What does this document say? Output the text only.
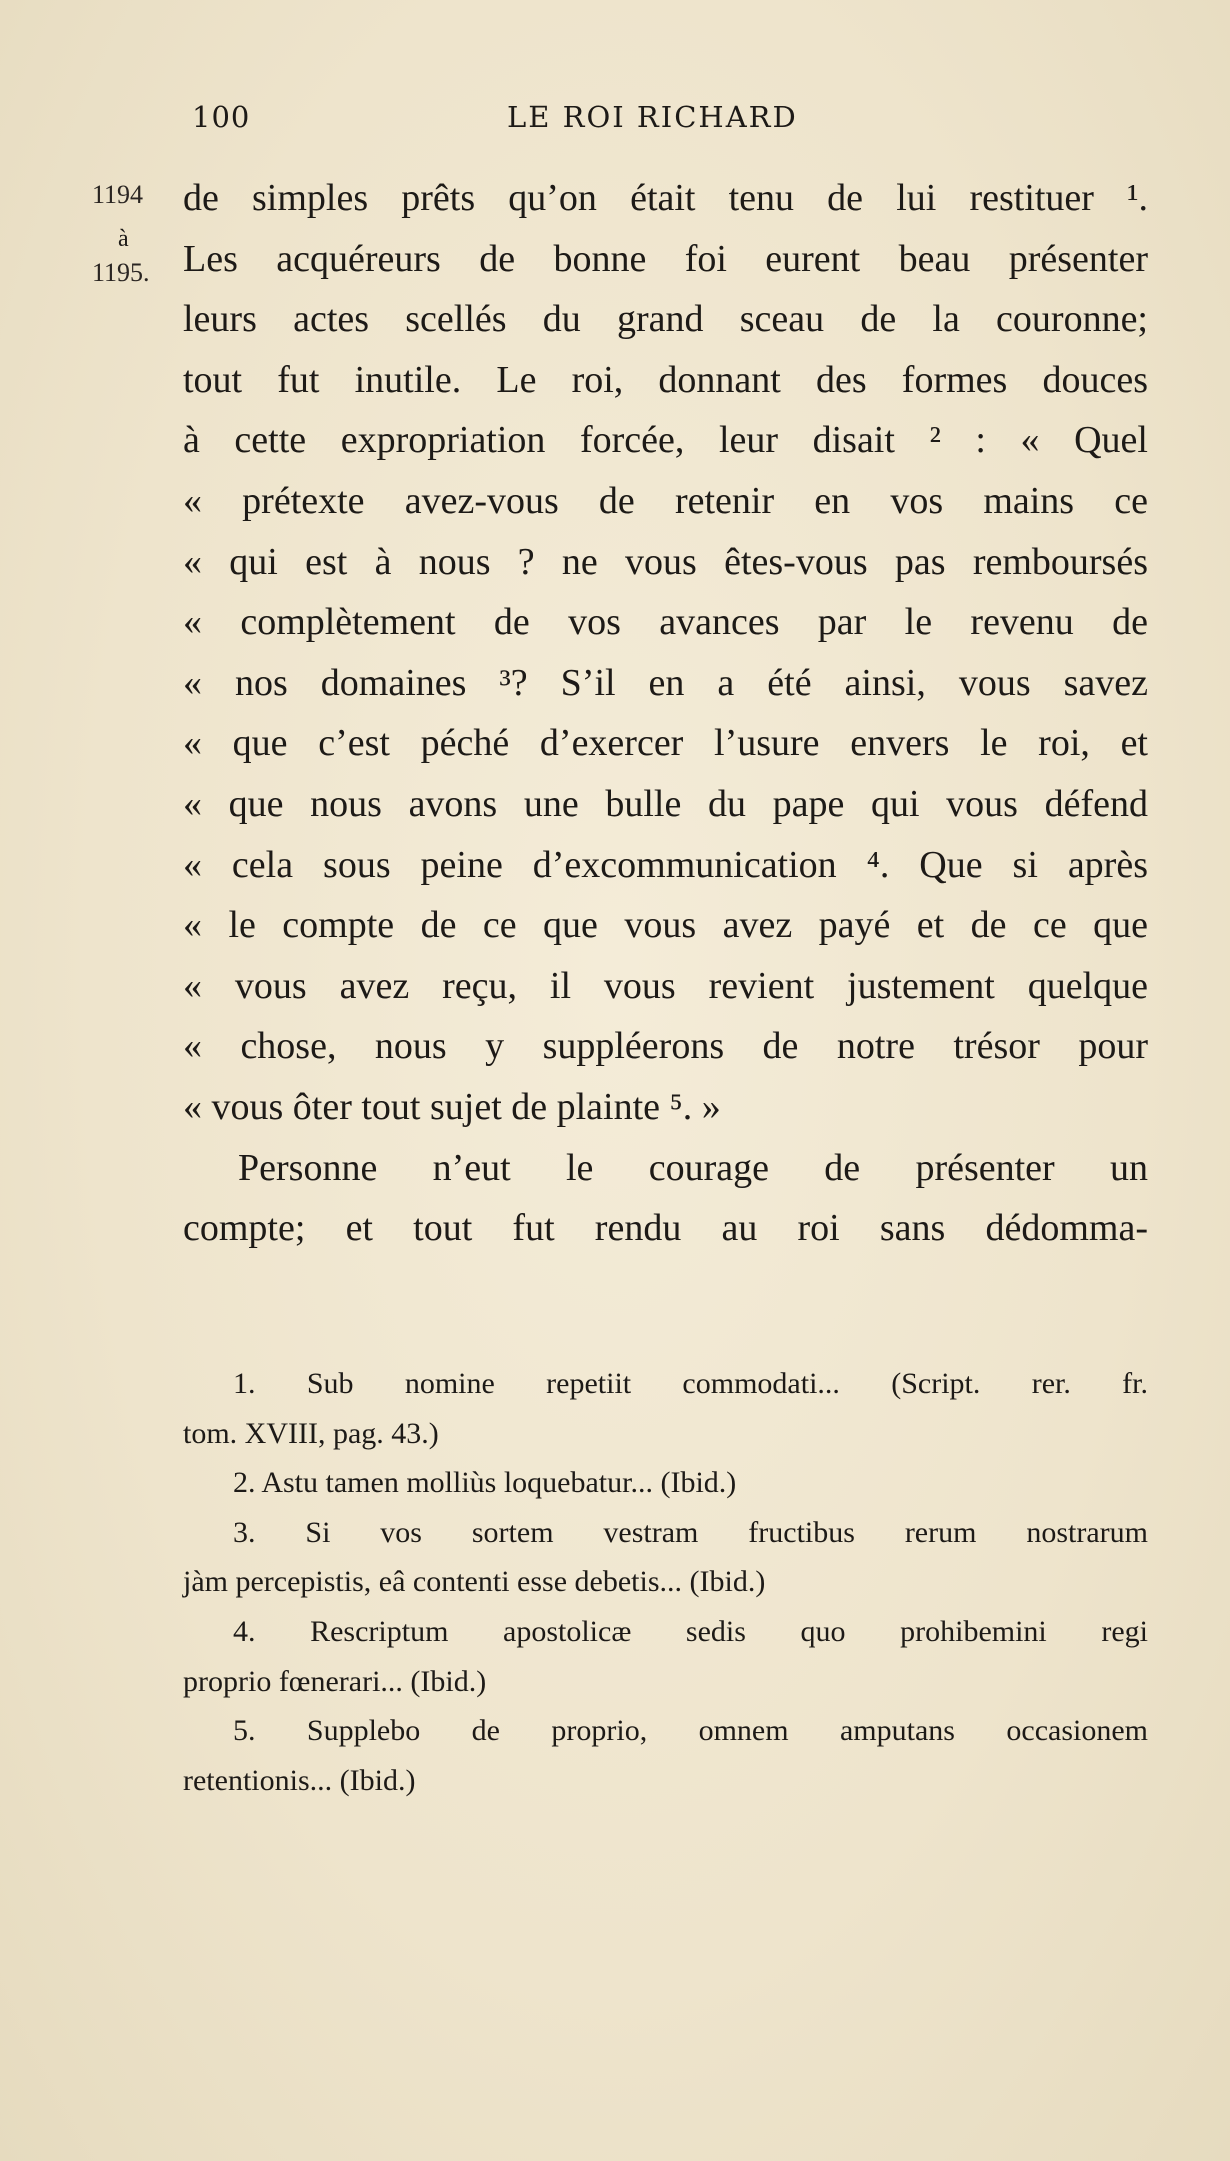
100	LE ROI RICHARD
1194
à
1195.
de simples prêts qu’on était tenu de lui restituer ¹.
Les acquéreurs de bonne foi eurent beau présenter
leurs actes scellés du grand sceau de la couronne;
tout fut inutile. Le roi, donnant des formes douces
à cette expropriation forcée, leur disait ² : « Quel
« prétexte avez-vous de retenir en vos mains ce
« qui est à nous ? ne vous êtes-vous pas remboursés
« complètement de vos avances par le revenu de
« nos domaines ³? S’il en a été ainsi, vous savez
« que c’est péché d’exercer l’usure envers le roi, et
« que nous avons une bulle du pape qui vous défend
« cela sous peine d’excommunication ⁴. Que si après
« le compte de ce que vous avez payé et de ce que
« vous avez reçu, il vous revient justement quelque
« chose, nous y suppléerons de notre trésor pour
« vous ôter tout sujet de plainte ⁵. »
Personne n’eut le courage de présenter un
compte; et tout fut rendu au roi sans dédomma-
1. Sub nomine repetiit commodati... (Script. rer. fr.
tom. XVIII, pag. 43.)
2. Astu tamen molliùs loquebatur... (Ibid.)
3. Si vos sortem vestram fructibus rerum nostrarum
jàm percepistis, eâ contenti esse debetis... (Ibid.)
4. Rescriptum apostolicæ sedis quo prohibemini regi
proprio fœnerari... (Ibid.)
5. Supplebo de proprio, omnem amputans occasionem
retentionis... (Ibid.)
